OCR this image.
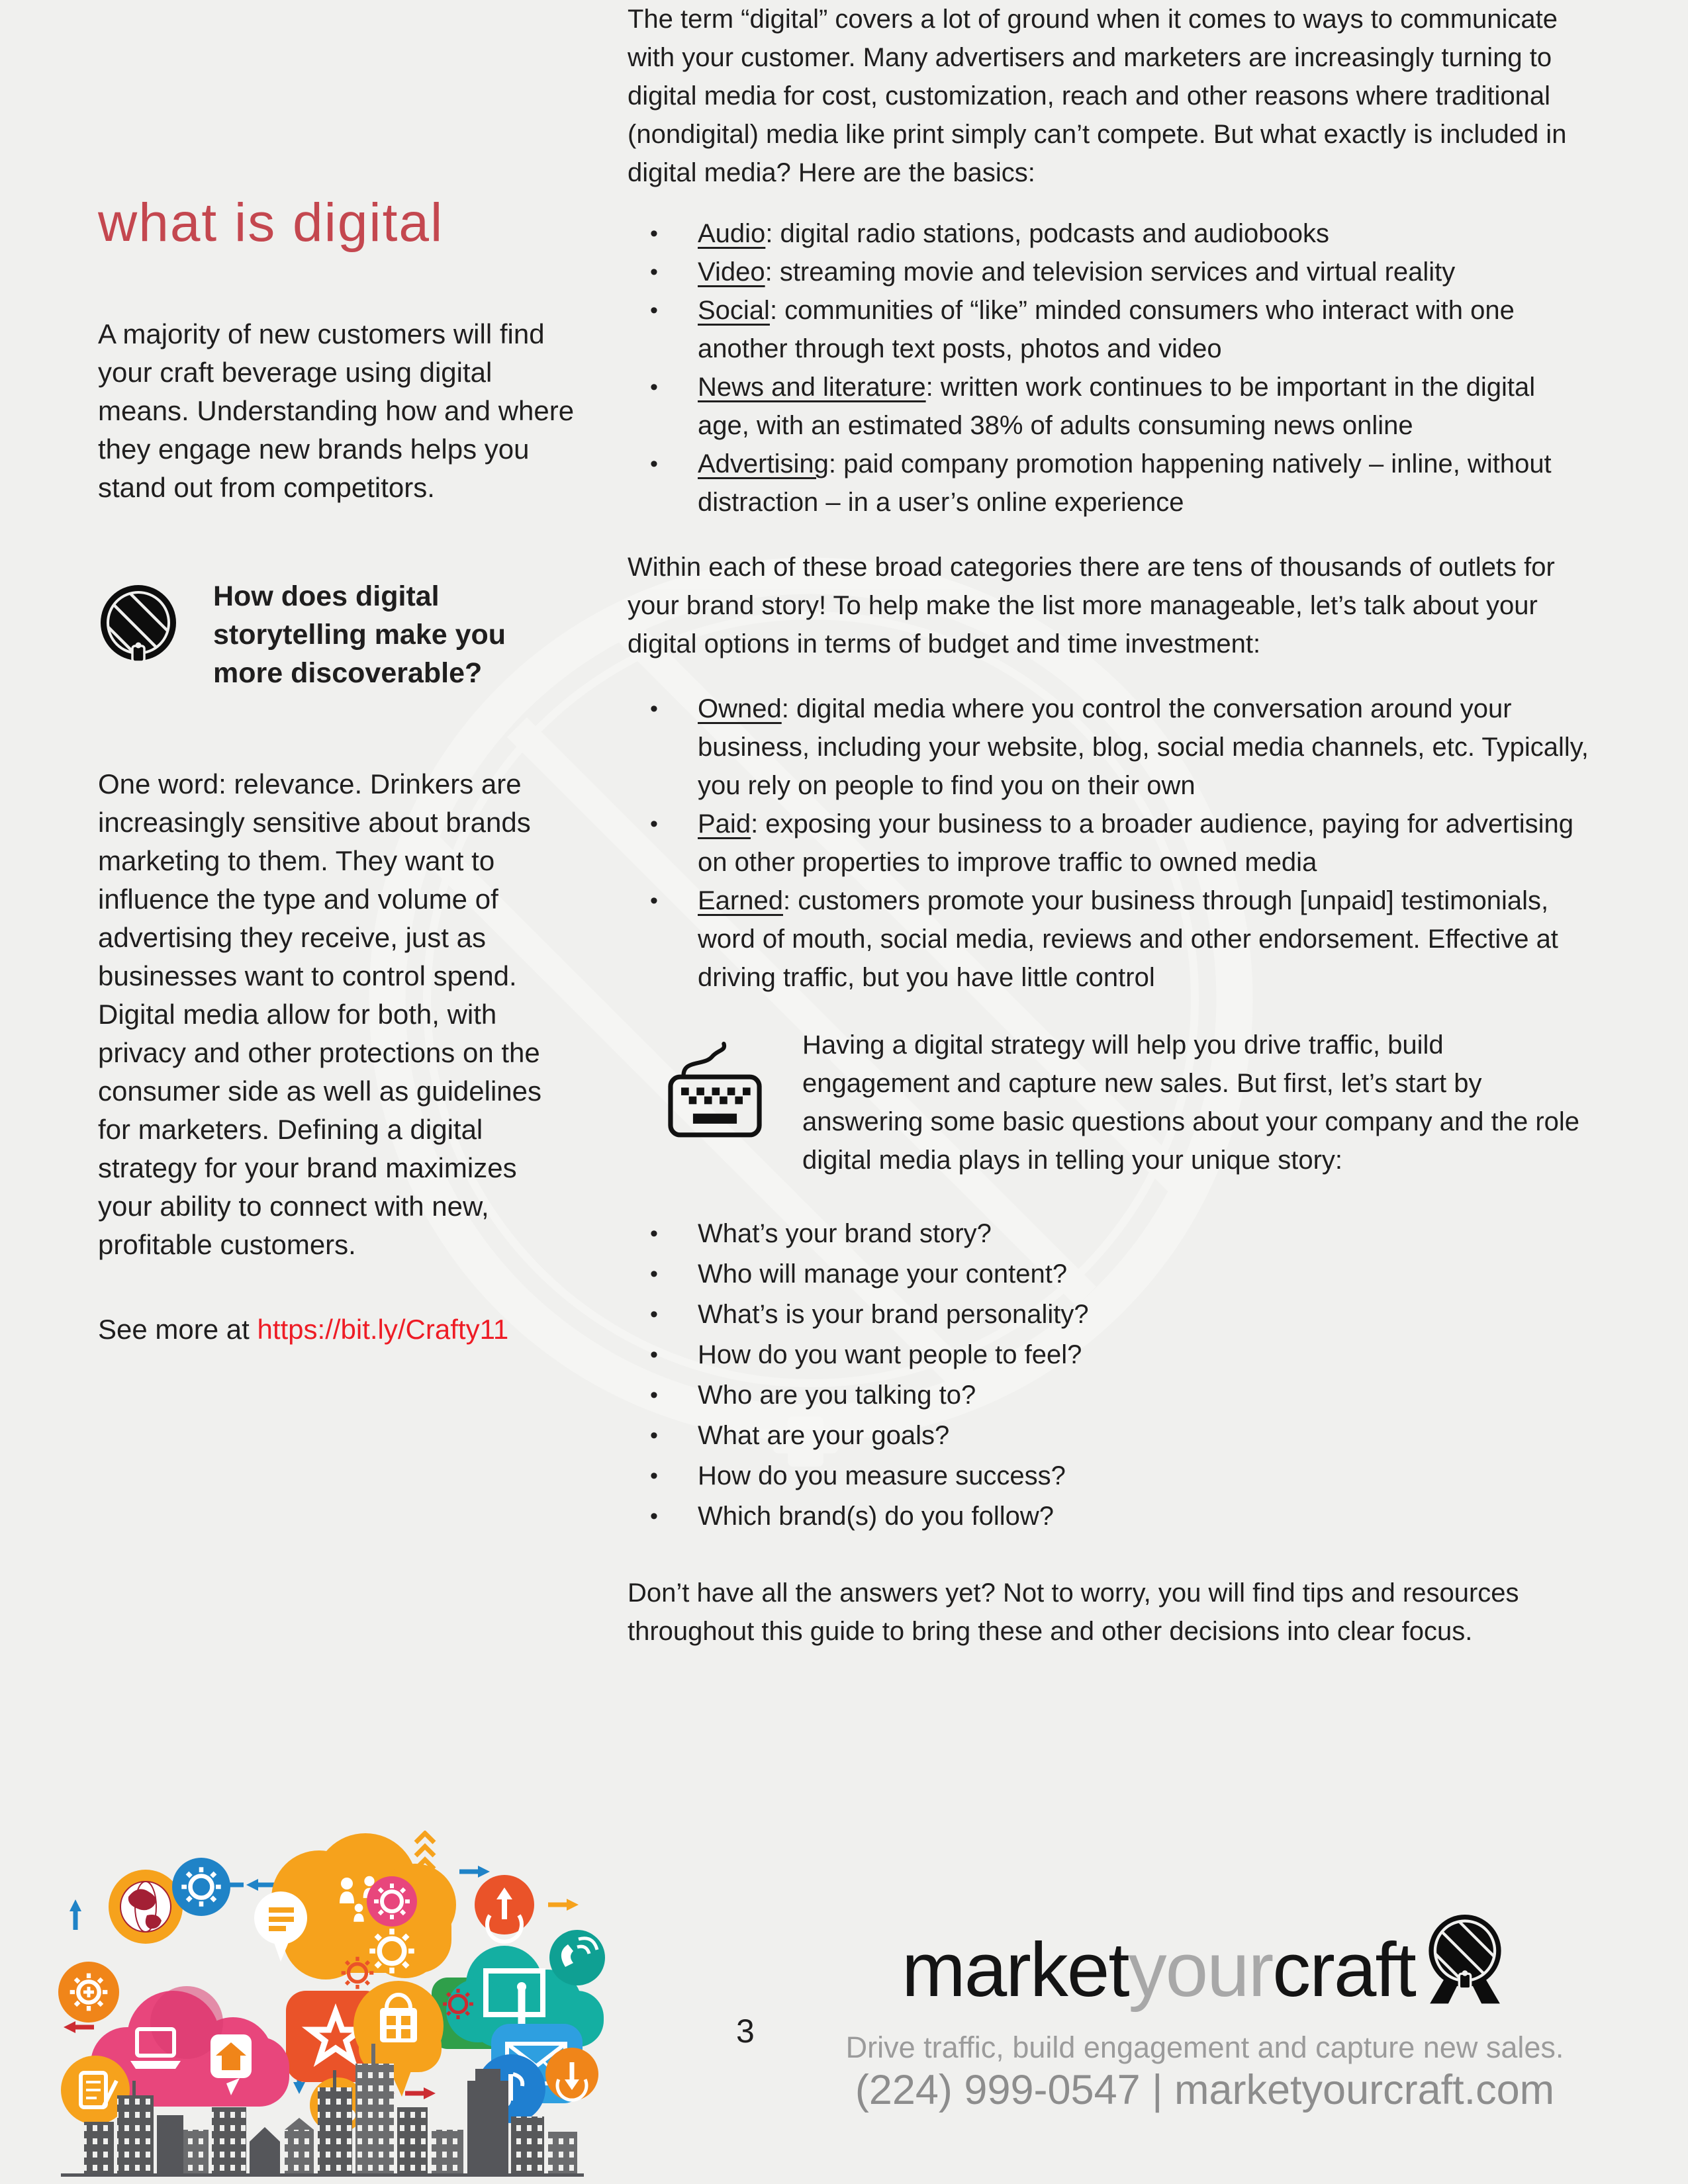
what is digital

A majority of new customers will find your craft beverage using digital means. Understanding how and where they engage new brands helps you stand out from competitors.

How does digital storytelling make you more discoverable?

One word: relevance. Drinkers are increasingly sensitive about brands marketing to them. They want to influence the type and volume of advertising they receive, just as businesses want to control spend. Digital media allow for both, with privacy and other protections on the consumer side as well as guidelines for marketers. Defining a digital strategy for your brand maximizes your ability to connect with new, profitable customers.

See more at https://bit.ly/Crafty11

The term “digital” covers a lot of ground when it comes to ways to communicate with your customer. Many advertisers and marketers are increasingly turning to digital media for cost, customization, reach and other reasons where traditional (nondigital) media like print simply can’t compete. But what exactly is included in digital media? Here are the basics:

• Audio: digital radio stations, podcasts and audiobooks
• Video: streaming movie and television services and virtual reality
• Social: communities of “like” minded consumers who interact with one another through text posts, photos and video
• News and literature: written work continues to be important in the digital age, with an estimated 38% of adults consuming news online
• Advertising: paid company promotion happening natively – inline, without distraction – in a user’s online experience

Within each of these broad categories there are tens of thousands of outlets for your brand story! To help make the list more manageable, let’s talk about your digital options in terms of budget and time investment:

• Owned: digital media where you control the conversation around your business, including your website, blog, social media channels, etc. Typically, you rely on people to find you on their own
• Paid: exposing your business to a broader audience, paying for advertising on other properties to improve traffic to owned media
• Earned: customers promote your business through [unpaid] testimonials, word of mouth, social media, reviews and other endorsement. Effective at driving traffic, but you have little control

Having a digital strategy will help you drive traffic, build engagement and capture new sales. But first, let’s start by answering some basic questions about your company and the role digital media plays in telling your unique story:

• What’s your brand story?
• Who will manage your content?
• What’s is your brand personality?
• How do you want people to feel?
• Who are you talking to?
• What are your goals?
• How do you measure success?
• Which brand(s) do you follow?

Don’t have all the answers yet? Not to worry, you will find tips and resources throughout this guide to bring these and other decisions into clear focus.

3
market your craft
Drive traffic, build engagement and capture new sales.
(224) 999-0547 | marketyourcraft.com
